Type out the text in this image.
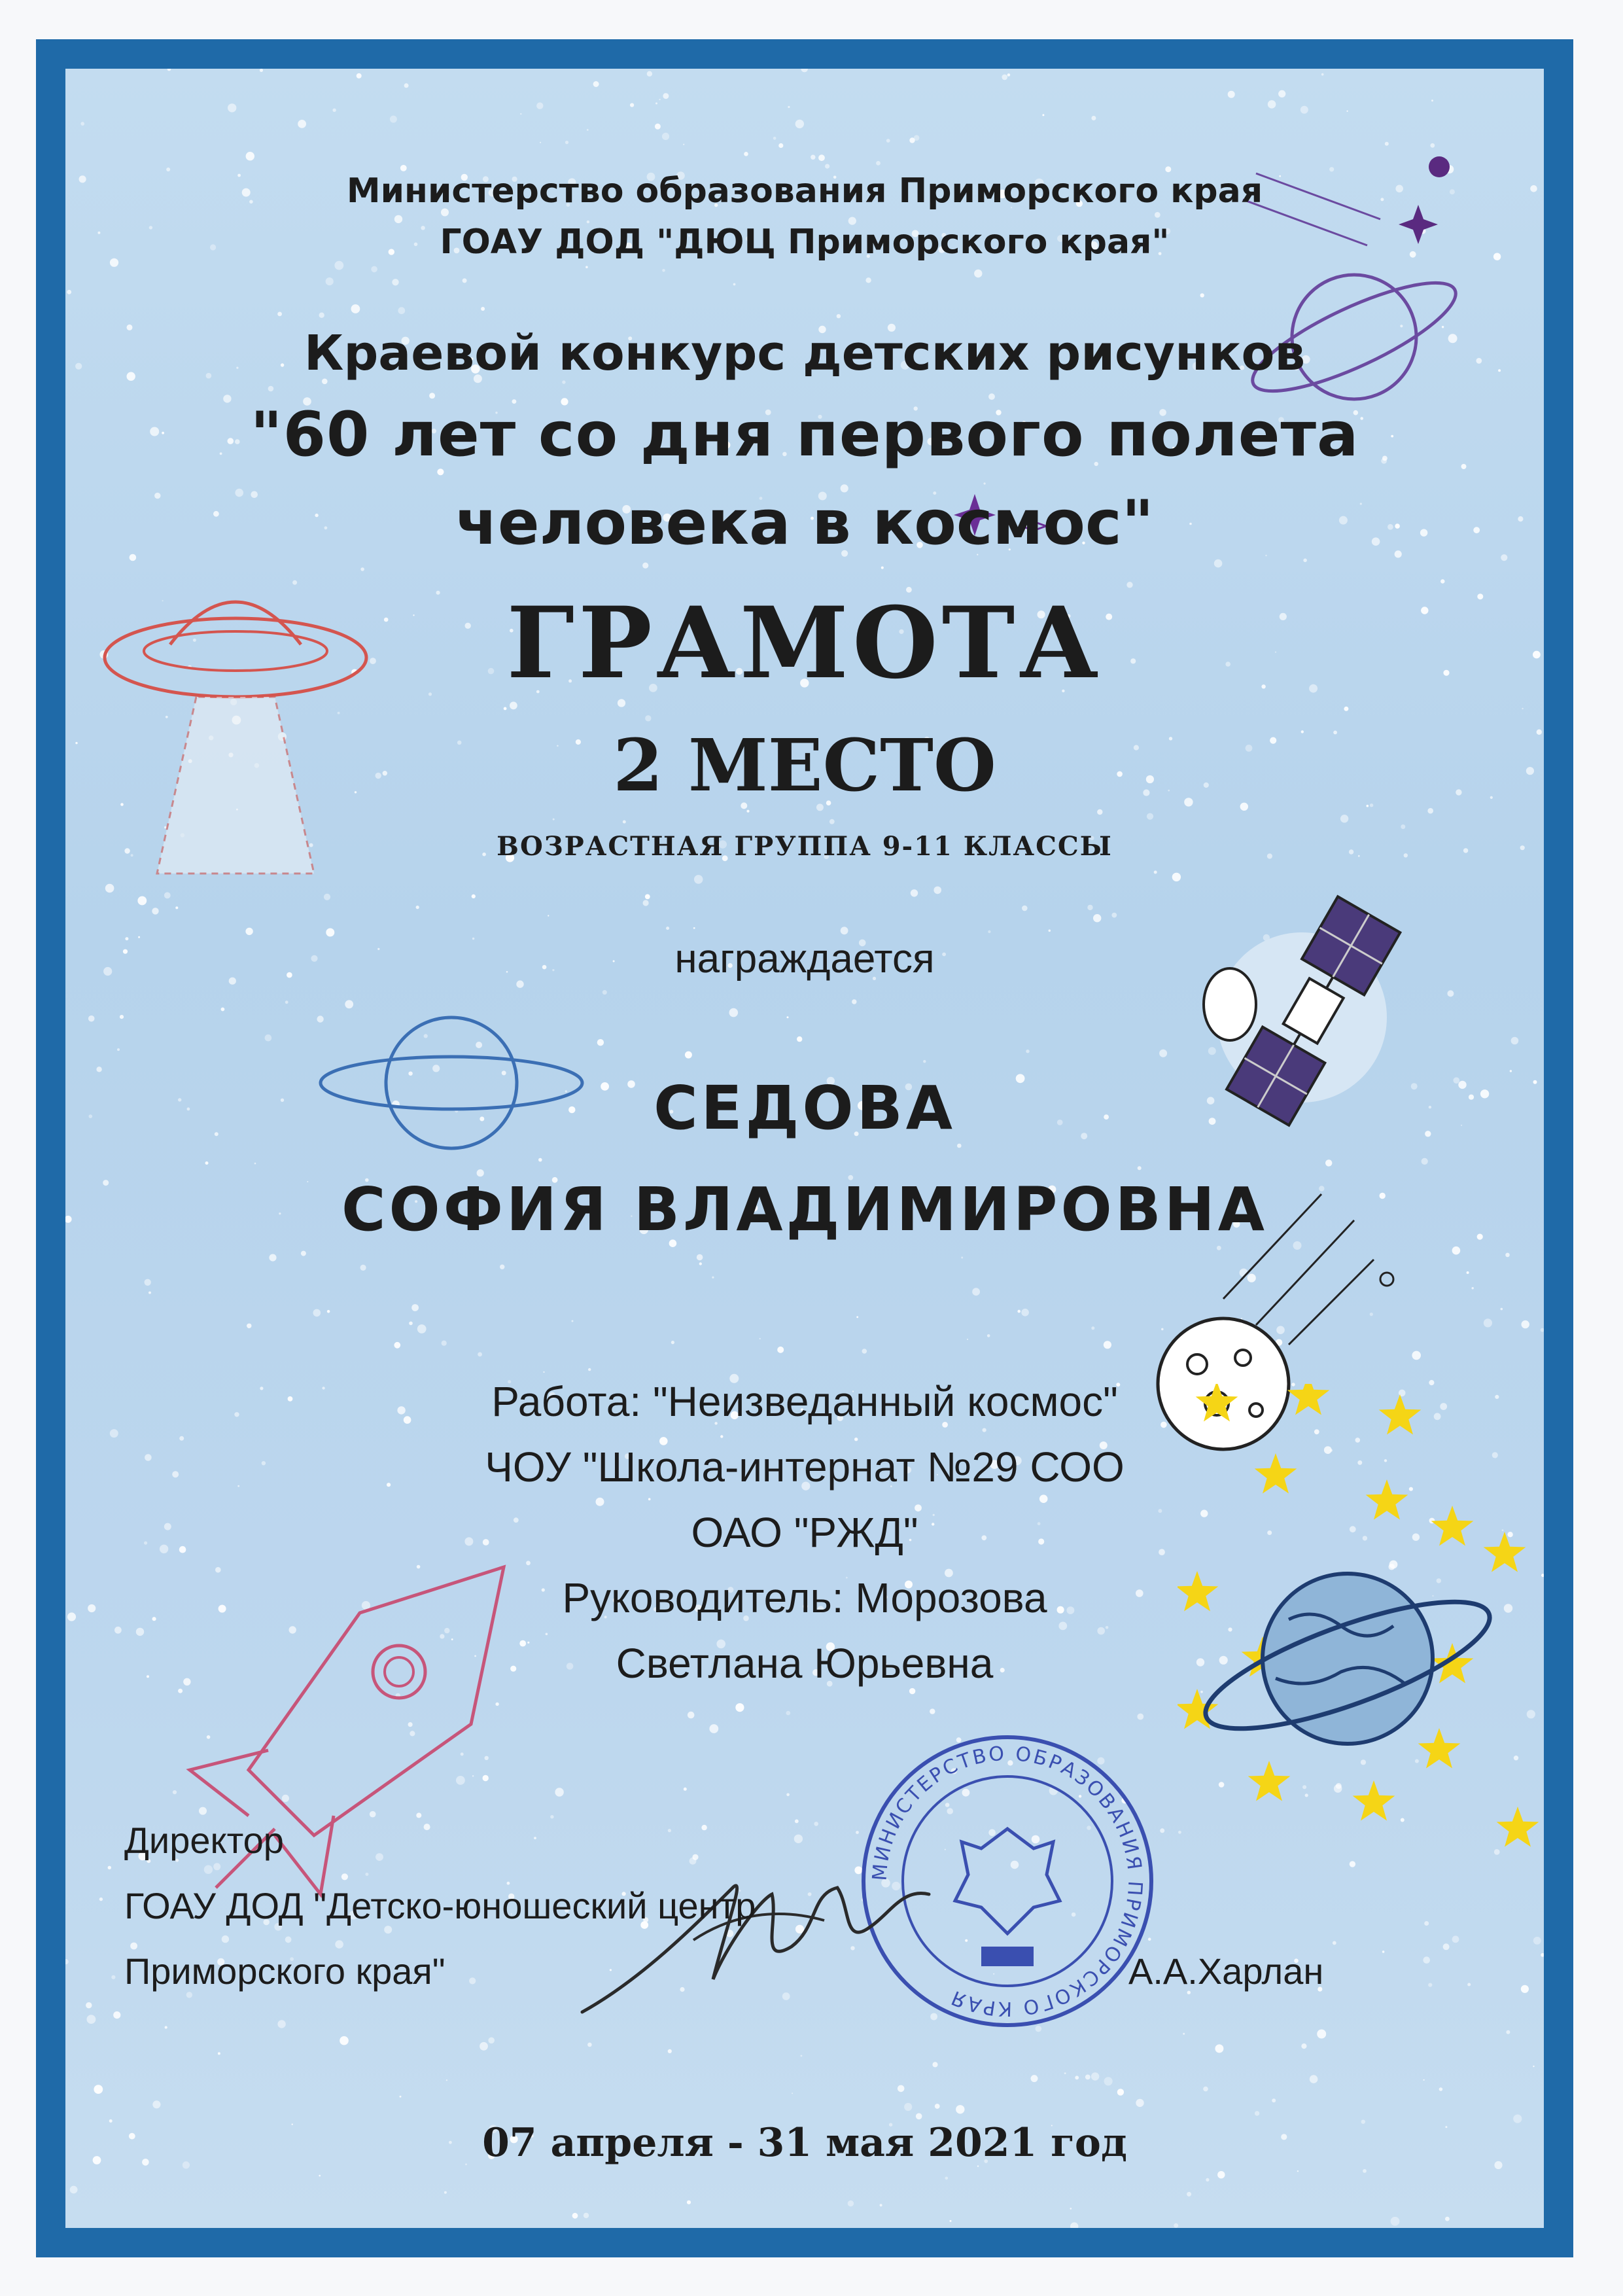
МИНИСТЕРСТВО ОБРАЗОВАНИЯ ПРИМОРСКОГО КРАЯ
Министерство образования Приморского края
ГОАУ ДОД "ДЮЦ Приморского края"
Краевой конкурс детских рисунков
"60 лет со дня первого полета
человека в космос"
ГРАМОТА
2 МЕСТО
ВОЗРАСТНАЯ ГРУППА 9-11 КЛАССЫ
награждается
СЕДОВА
СОФИЯ ВЛАДИМИРОВНА
Работа: "Неизведанный космос"
ЧОУ "Школа-интернат №29 СОО
ОАО "РЖД"
Руководитель: Морозова
Светлана Юрьевна
Директор
ГОАУ ДОД "Детско-юношеский центр
Приморского края"	А.А.Харлан
07 апреля - 31 мая 2021 год
